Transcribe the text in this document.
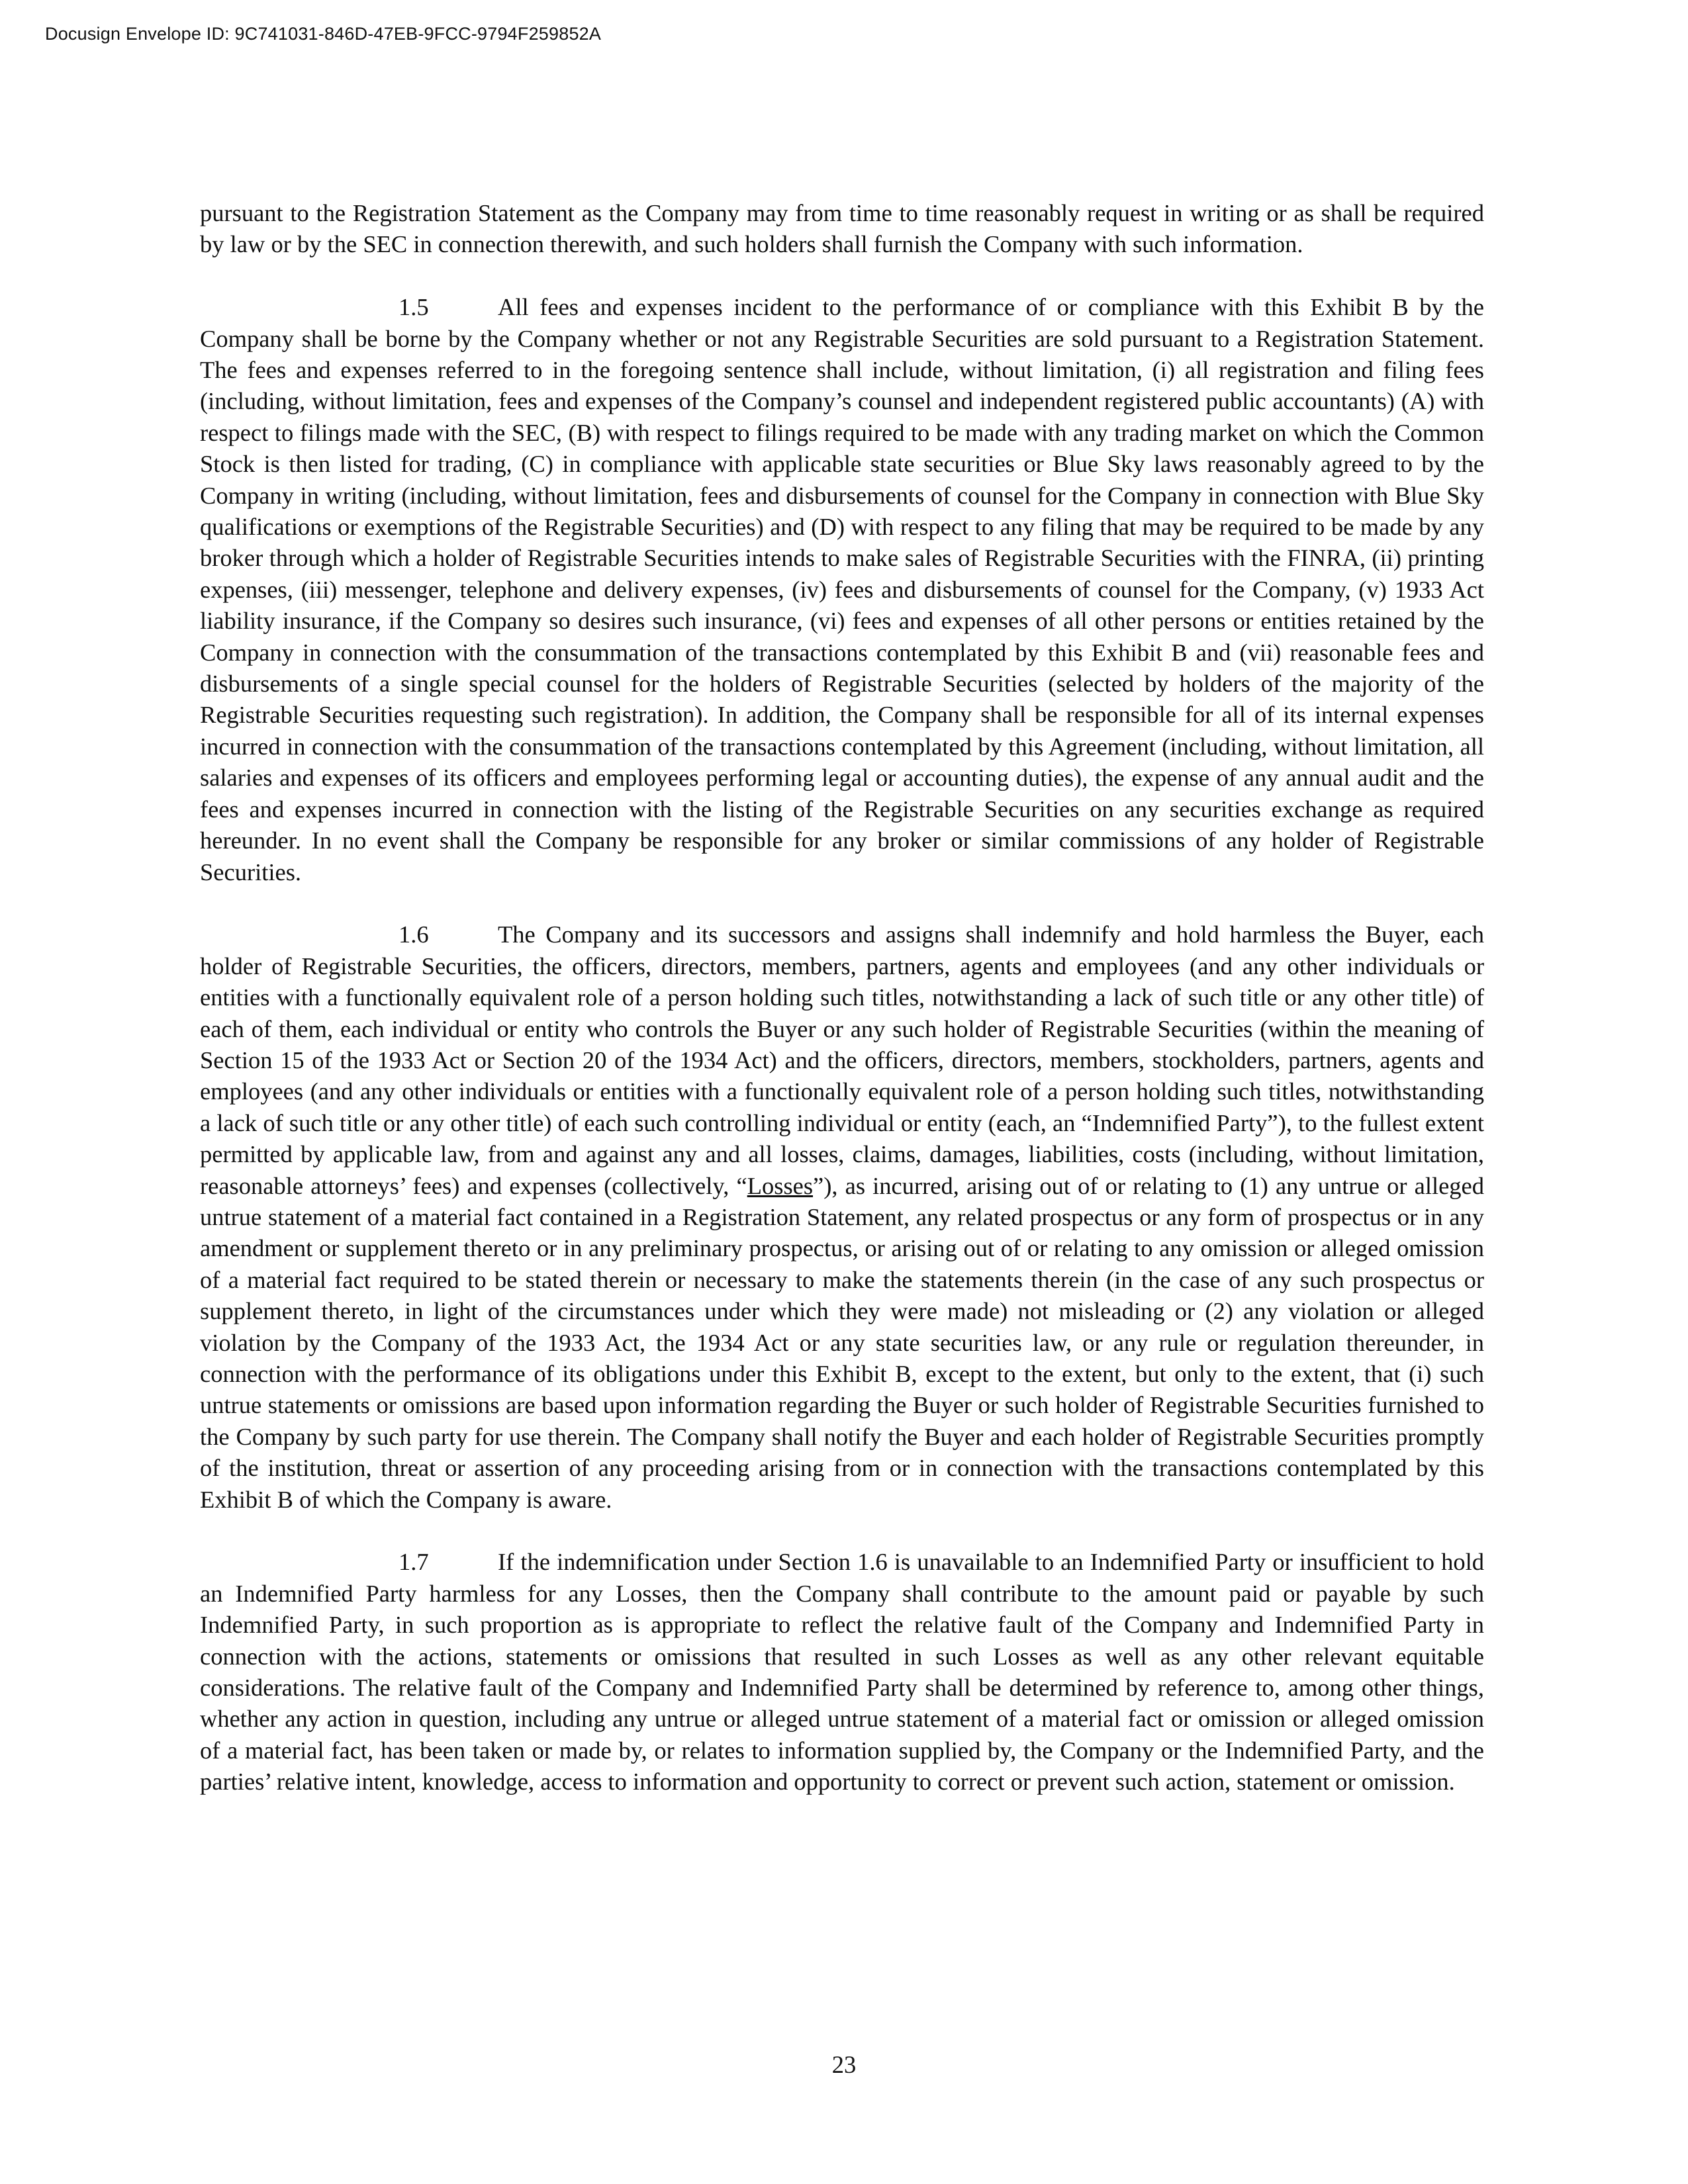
Docusign Envelope ID: 9C741031-846D-47EB-9FCC-9794F259852A

pursuant to the Registration Statement as the Company may from time to time reasonably request in writing or as shall be required by law or by the SEC in connection therewith, and such holders shall furnish the Company with such information.

1.5	All fees and expenses incident to the performance of or compliance with this Exhibit B by the Company shall be borne by the Company whether or not any Registrable Securities are sold pursuant to a Registration Statement. The fees and expenses referred to in the foregoing sentence shall include, without limitation, (i) all registration and filing fees (including, without limitation, fees and expenses of the Company’s counsel and independent registered public accountants) (A) with respect to filings made with the SEC, (B) with respect to filings required to be made with any trading market on which the Common Stock is then listed for trading, (C) in compliance with applicable state securities or Blue Sky laws reasonably agreed to by the Company in writing (including, without limitation, fees and disbursements of counsel for the Company in connection with Blue Sky qualifications or exemptions of the Registrable Securities) and (D) with respect to any filing that may be required to be made by any broker through which a holder of Registrable Securities intends to make sales of Registrable Securities with the FINRA, (ii) printing expenses, (iii) messenger, telephone and delivery expenses, (iv) fees and disbursements of counsel for the Company, (v) 1933 Act liability insurance, if the Company so desires such insurance, (vi) fees and expenses of all other persons or entities retained by the Company in connection with the consummation of the transactions contemplated by this Exhibit B and (vii) reasonable fees and disbursements of a single special counsel for the holders of Registrable Securities (selected by holders of the majority of the Registrable Securities requesting such registration). In addition, the Company shall be responsible for all of its internal expenses incurred in connection with the consummation of the transactions contemplated by this Agreement (including, without limitation, all salaries and expenses of its officers and employees performing legal or accounting duties), the expense of any annual audit and the fees and expenses incurred in connection with the listing of the Registrable Securities on any securities exchange as required hereunder. In no event shall the Company be responsible for any broker or similar commissions of any holder of Registrable Securities.

1.6	The Company and its successors and assigns shall indemnify and hold harmless the Buyer, each holder of Registrable Securities, the officers, directors, members, partners, agents and employees (and any other individuals or entities with a functionally equivalent role of a person holding such titles, notwithstanding a lack of such title or any other title) of each of them, each individual or entity who controls the Buyer or any such holder of Registrable Securities (within the meaning of Section 15 of the 1933 Act or Section 20 of the 1934 Act) and the officers, directors, members, stockholders, partners, agents and employees (and any other individuals or entities with a functionally equivalent role of a person holding such titles, notwithstanding a lack of such title or any other title) of each such controlling individual or entity (each, an “Indemnified Party”), to the fullest extent permitted by applicable law, from and against any and all losses, claims, damages, liabilities, costs (including, without limitation, reasonable attorneys’ fees) and expenses (collectively, “Losses”), as incurred, arising out of or relating to (1) any untrue or alleged untrue statement of a material fact contained in a Registration Statement, any related prospectus or any form of prospectus or in any amendment or supplement thereto or in any preliminary prospectus, or arising out of or relating to any omission or alleged omission of a material fact required to be stated therein or necessary to make the statements therein (in the case of any such prospectus or supplement thereto, in light of the circumstances under which they were made) not misleading or (2) any violation or alleged violation by the Company of the 1933 Act, the 1934 Act or any state securities law, or any rule or regulation thereunder, in connection with the performance of its obligations under this Exhibit B, except to the extent, but only to the extent, that (i) such untrue statements or omissions are based upon information regarding the Buyer or such holder of Registrable Securities furnished to the Company by such party for use therein. The Company shall notify the Buyer and each holder of Registrable Securities promptly of the institution, threat or assertion of any proceeding arising from or in connection with the transactions contemplated by this Exhibit B of which the Company is aware.

1.7	If the indemnification under Section 1.6 is unavailable to an Indemnified Party or insufficient to hold an Indemnified Party harmless for any Losses, then the Company shall contribute to the amount paid or payable by such Indemnified Party, in such proportion as is appropriate to reflect the relative fault of the Company and Indemnified Party in connection with the actions, statements or omissions that resulted in such Losses as well as any other relevant equitable considerations. The relative fault of the Company and Indemnified Party shall be determined by reference to, among other things, whether any action in question, including any untrue or alleged untrue statement of a material fact or omission or alleged omission of a material fact, has been taken or made by, or relates to information supplied by, the Company or the Indemnified Party, and the parties’ relative intent, knowledge, access to information and opportunity to correct or prevent such action, statement or omission.

23
